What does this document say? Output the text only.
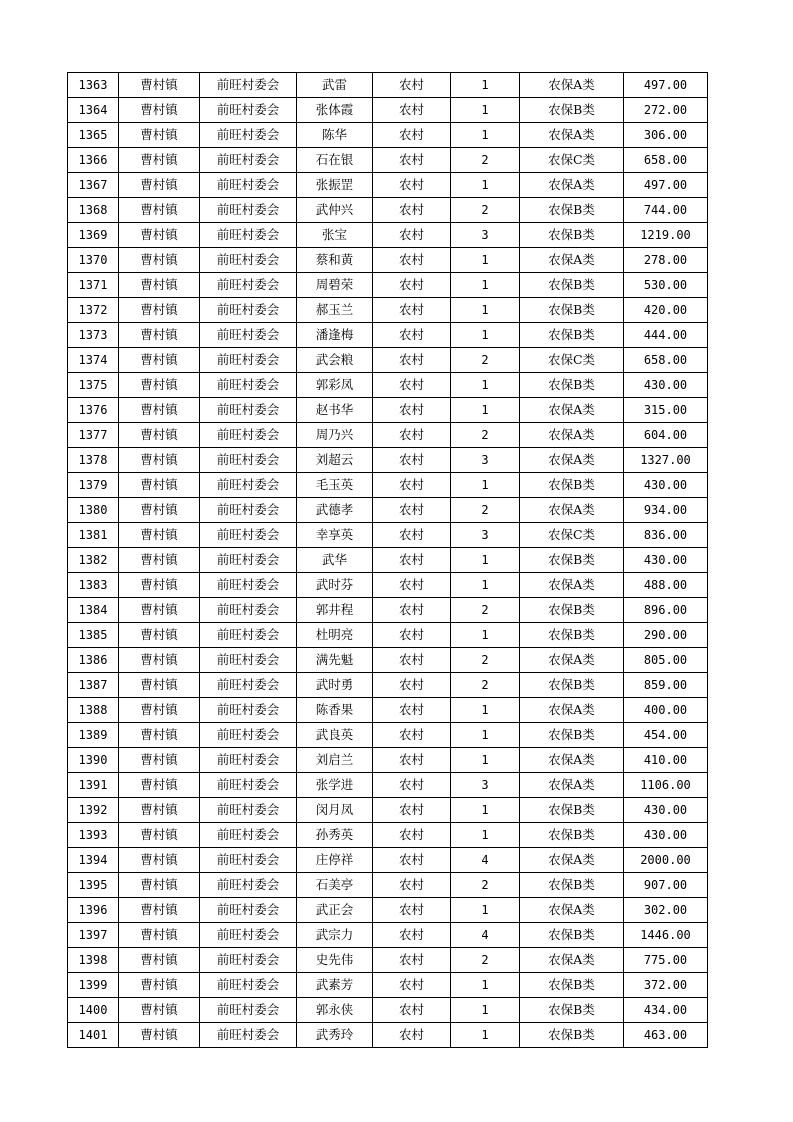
1363	曹村镇	前旺村委会	武雷	农村	1	农保A类	497.00
1364	曹村镇	前旺村委会	张体霞	农村	1	农保B类	272.00
1365	曹村镇	前旺村委会	陈华	农村	1	农保A类	306.00
1366	曹村镇	前旺村委会	石在银	农村	2	农保C类	658.00
1367	曹村镇	前旺村委会	张振罡	农村	1	农保A类	497.00
1368	曹村镇	前旺村委会	武仲兴	农村	2	农保B类	744.00
1369	曹村镇	前旺村委会	张宝	农村	3	农保B类	1219.00
1370	曹村镇	前旺村委会	蔡和黄	农村	1	农保A类	278.00
1371	曹村镇	前旺村委会	周碧荣	农村	1	农保B类	530.00
1372	曹村镇	前旺村委会	郝玉兰	农村	1	农保B类	420.00
1373	曹村镇	前旺村委会	潘逢梅	农村	1	农保B类	444.00
1374	曹村镇	前旺村委会	武会粮	农村	2	农保C类	658.00
1375	曹村镇	前旺村委会	郭彩凤	农村	1	农保B类	430.00
1376	曹村镇	前旺村委会	赵书华	农村	1	农保A类	315.00
1377	曹村镇	前旺村委会	周乃兴	农村	2	农保A类	604.00
1378	曹村镇	前旺村委会	刘超云	农村	3	农保A类	1327.00
1379	曹村镇	前旺村委会	毛玉英	农村	1	农保B类	430.00
1380	曹村镇	前旺村委会	武德孝	农村	2	农保A类	934.00
1381	曹村镇	前旺村委会	幸享英	农村	3	农保C类	836.00
1382	曹村镇	前旺村委会	武华	农村	1	农保B类	430.00
1383	曹村镇	前旺村委会	武时芬	农村	1	农保A类	488.00
1384	曹村镇	前旺村委会	郭井程	农村	2	农保B类	896.00
1385	曹村镇	前旺村委会	杜明亮	农村	1	农保B类	290.00
1386	曹村镇	前旺村委会	满先魁	农村	2	农保A类	805.00
1387	曹村镇	前旺村委会	武时勇	农村	2	农保B类	859.00
1388	曹村镇	前旺村委会	陈香果	农村	1	农保A类	400.00
1389	曹村镇	前旺村委会	武良英	农村	1	农保B类	454.00
1390	曹村镇	前旺村委会	刘启兰	农村	1	农保A类	410.00
1391	曹村镇	前旺村委会	张学进	农村	3	农保A类	1106.00
1392	曹村镇	前旺村委会	闵月凤	农村	1	农保B类	430.00
1393	曹村镇	前旺村委会	孙秀英	农村	1	农保B类	430.00
1394	曹村镇	前旺村委会	庄停祥	农村	4	农保A类	2000.00
1395	曹村镇	前旺村委会	石美亭	农村	2	农保B类	907.00
1396	曹村镇	前旺村委会	武正会	农村	1	农保A类	302.00
1397	曹村镇	前旺村委会	武宗力	农村	4	农保B类	1446.00
1398	曹村镇	前旺村委会	史先伟	农村	2	农保A类	775.00
1399	曹村镇	前旺村委会	武素芳	农村	1	农保B类	372.00
1400	曹村镇	前旺村委会	郭永侠	农村	1	农保B类	434.00
1401	曹村镇	前旺村委会	武秀玲	农村	1	农保B类	463.00
